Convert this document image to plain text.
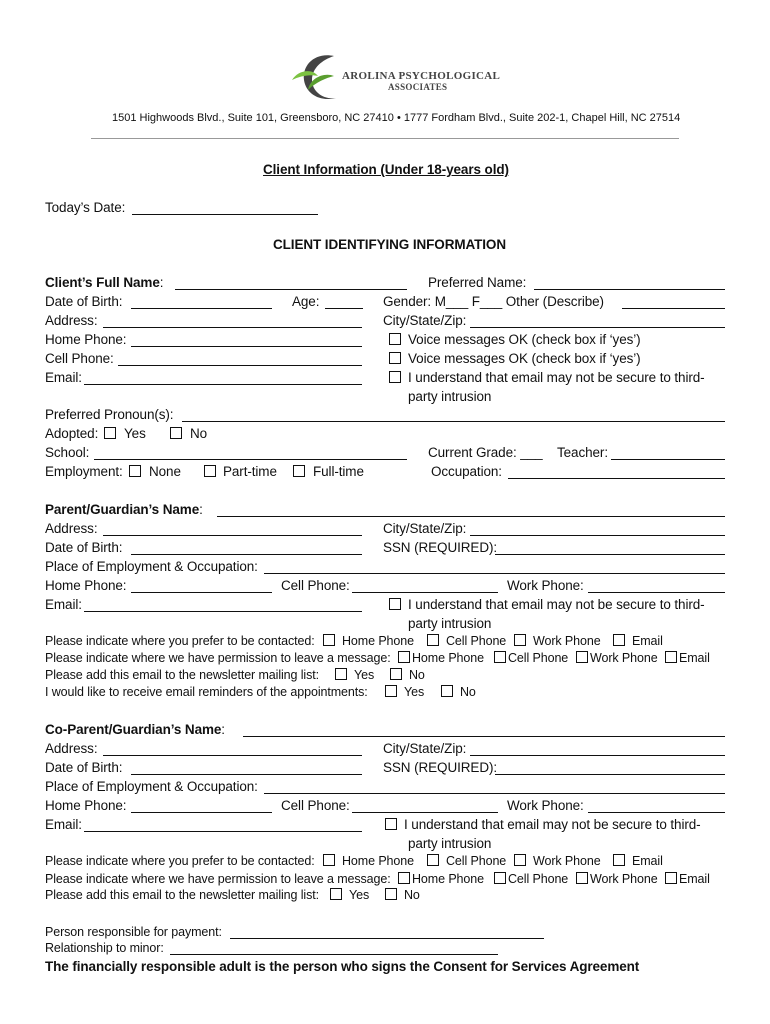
AROLINA PSYCHOLOGICAL
ASSOCIATES
1501 Highwoods Blvd., Suite 101, Greensboro, NC 27410 • 1777 Fordham Blvd., Suite 202-1, Chapel Hill, NC 27514
Client Information (Under 18-years old)
Today’s Date:
CLIENT IDENTIFYING INFORMATION
Client’s Full Name:	Preferred Name:
Date of Birth:	Age:	Gender: M___ F___ Other (Describe)
Address:	City/State/Zip:
Home Phone:	Voice messages OK (check box if ‘yes’)
Cell Phone:	Voice messages OK (check box if ‘yes’)
Email:	I understand that email may not be secure to third-
party intrusion
Preferred Pronoun(s):
Adopted: Yes	No
School:	Current Grade: ___ Teacher:
Employment: None	Part-time	Full-time	Occupation:
Parent/Guardian’s Name:
Address:	City/State/Zip:
Date of Birth:	SSN (REQUIRED):
Place of Employment & Occupation:
Home Phone:	Cell Phone:	Work Phone:
Email:	I understand that email may not be secure to third-
party intrusion
Please indicate where you prefer to be contacted: Home Phone	Cell Phone Work Phone	Email
Please indicate where we have permission to leave a message: Home Phone Cell Phone Work Phone Email
Please add this email to the newsletter mailing list:	Yes	No
I would like to receive email reminders of the appointments:	Yes	No
Co-Parent/Guardian’s Name:
Address:	City/State/Zip:
Date of Birth:	SSN (REQUIRED):
Place of Employment & Occupation:
Home Phone:	Cell Phone:	Work Phone:
Email:	I understand that email may not be secure to third-
party intrusion
Please indicate where you prefer to be contacted: Home Phone	Cell Phone Work Phone	Email
Please indicate where we have permission to leave a message: Home Phone Cell Phone Work Phone Email
Please add this email to the newsletter mailing list: Yes	No
Person responsible for payment:
Relationship to minor:
The financially responsible adult is the person who signs the Consent for Services Agreement
